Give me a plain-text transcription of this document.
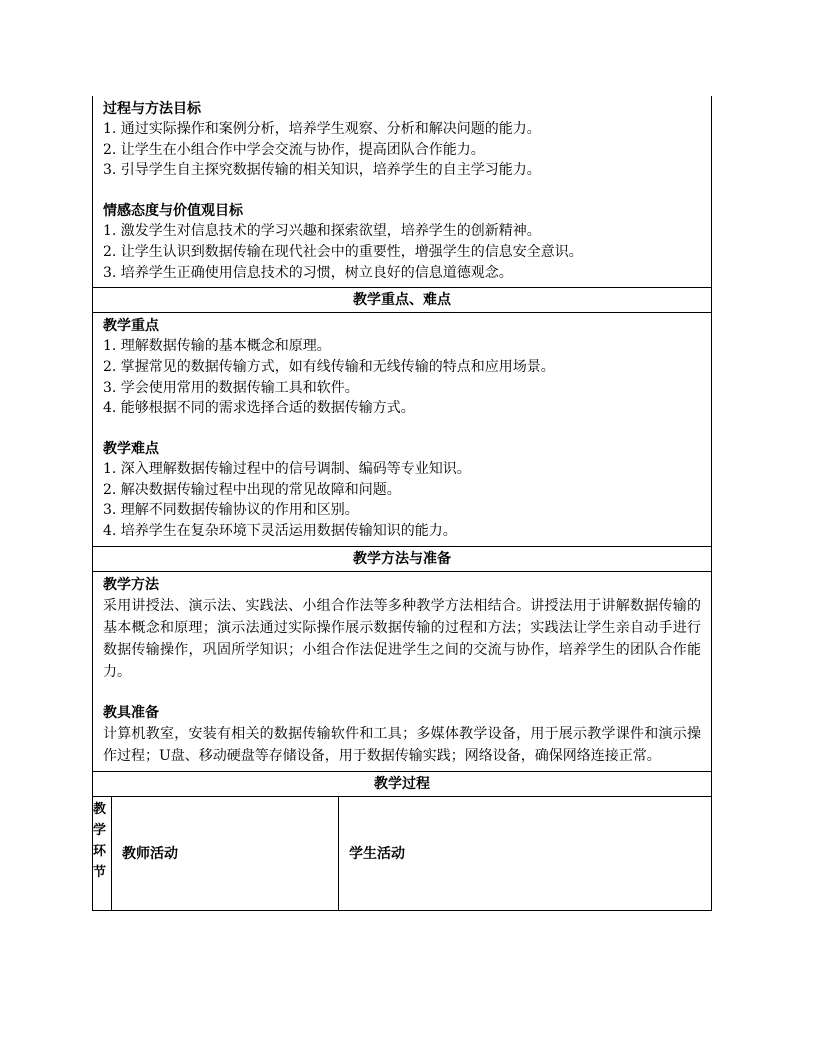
过程与方法目标
1. 通过实际操作和案例分析，培养学生观察、分析和解决问题的能力。
2. 让学生在小组合作中学会交流与协作，提高团队合作能力。
3. 引导学生自主探究数据传输的相关知识，培养学生的自主学习能力。
情感态度与价值观目标
1. 激发学生对信息技术的学习兴趣和探索欲望，培养学生的创新精神。
2. 让学生认识到数据传输在现代社会中的重要性，增强学生的信息安全意识。
3. 培养学生正确使用信息技术的习惯，树立良好的信息道德观念。
教学重点、难点
教学重点
1. 理解数据传输的基本概念和原理。
2. 掌握常见的数据传输方式，如有线传输和无线传输的特点和应用场景。
3. 学会使用常用的数据传输工具和软件。
4. 能够根据不同的需求选择合适的数据传输方式。
教学难点
1. 深入理解数据传输过程中的信号调制、编码等专业知识。
2. 解决数据传输过程中出现的常见故障和问题。
3. 理解不同数据传输协议的作用和区别。
4. 培养学生在复杂环境下灵活运用数据传输知识的能力。
教学方法与准备
教学方法
采用讲授法、演示法、实践法、小组合作法等多种教学方法相结合。讲授法用于讲解数据传输的基本概念和原理；演示法通过实际操作展示数据传输的过程和方法；实践法让学生亲自动手进行数据传输操作，巩固所学知识；小组合作法促进学生之间的交流与协作，培养学生的团队合作能力。
教具准备
计算机教室，安装有相关的数据传输软件和工具；多媒体教学设备，用于展示教学课件和演示操作过程；U盘、移动硬盘等存储设备，用于数据传输实践；网络设备，确保网络连接正常。
教学过程
教学环节
教师活动	学生活动
